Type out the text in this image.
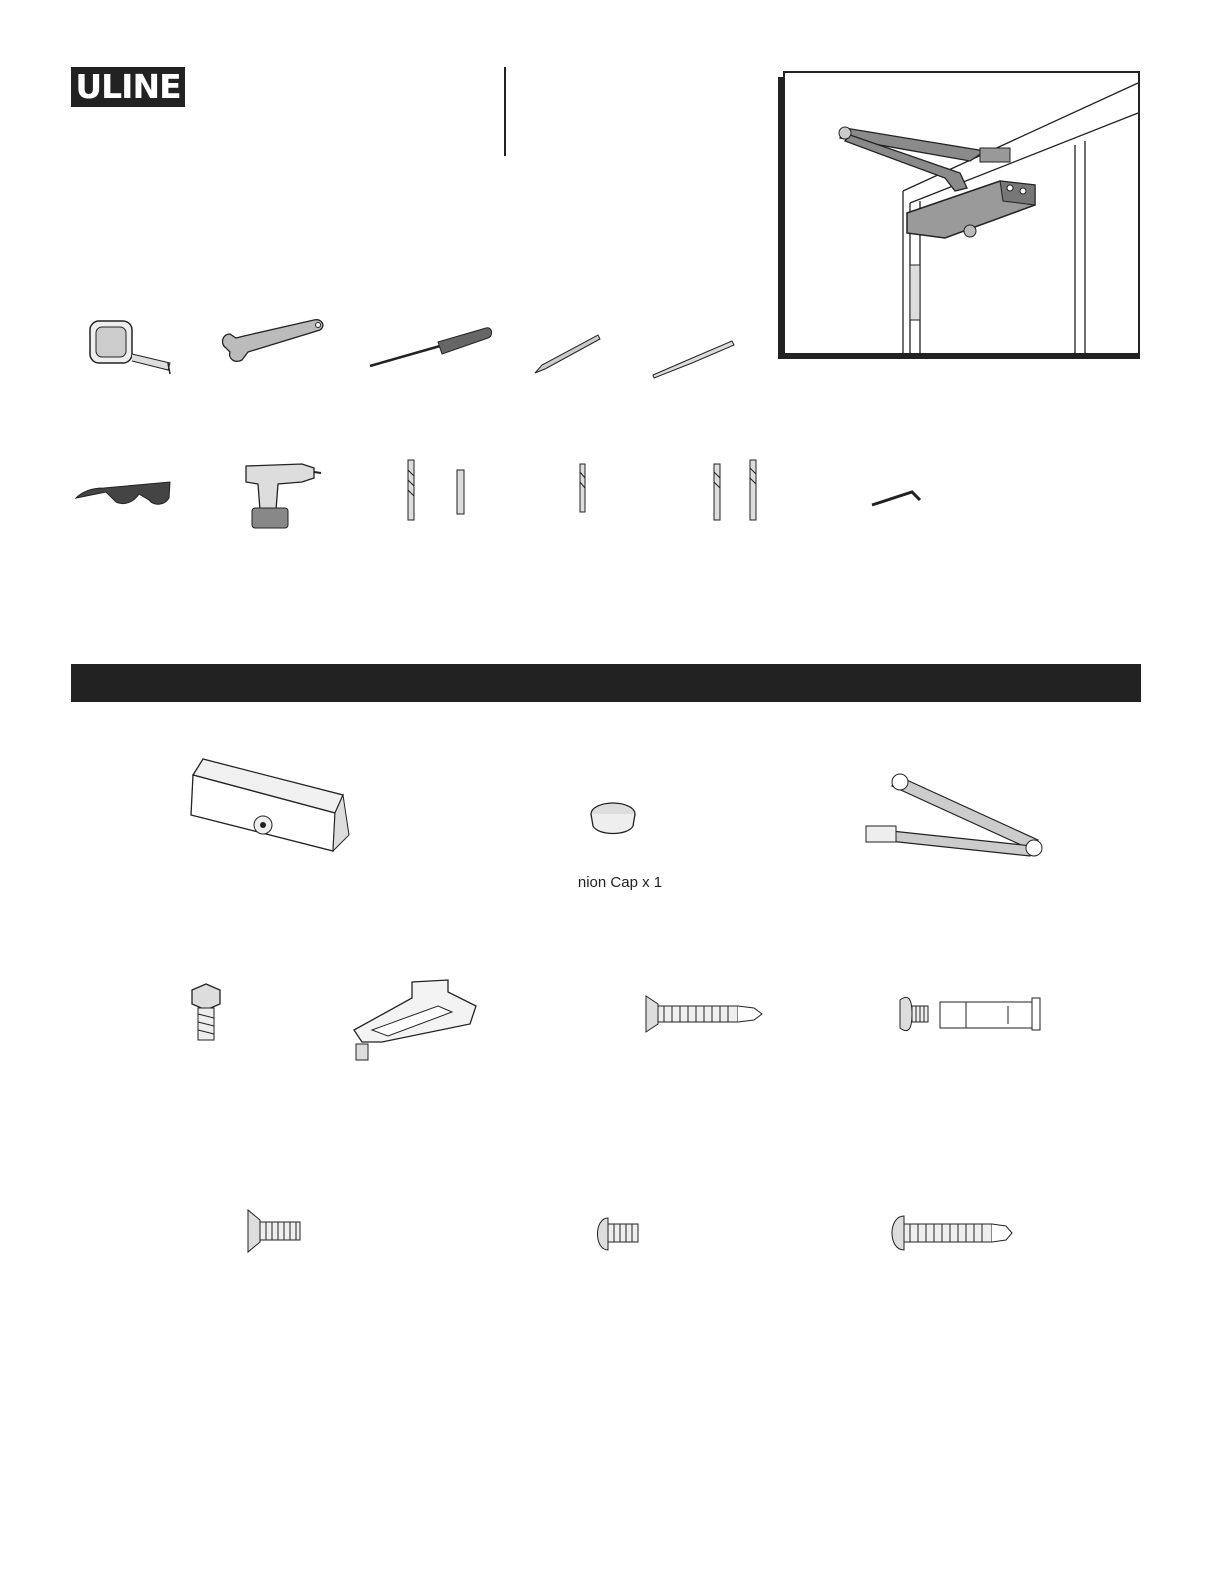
ULINE
nion Cap x 1
